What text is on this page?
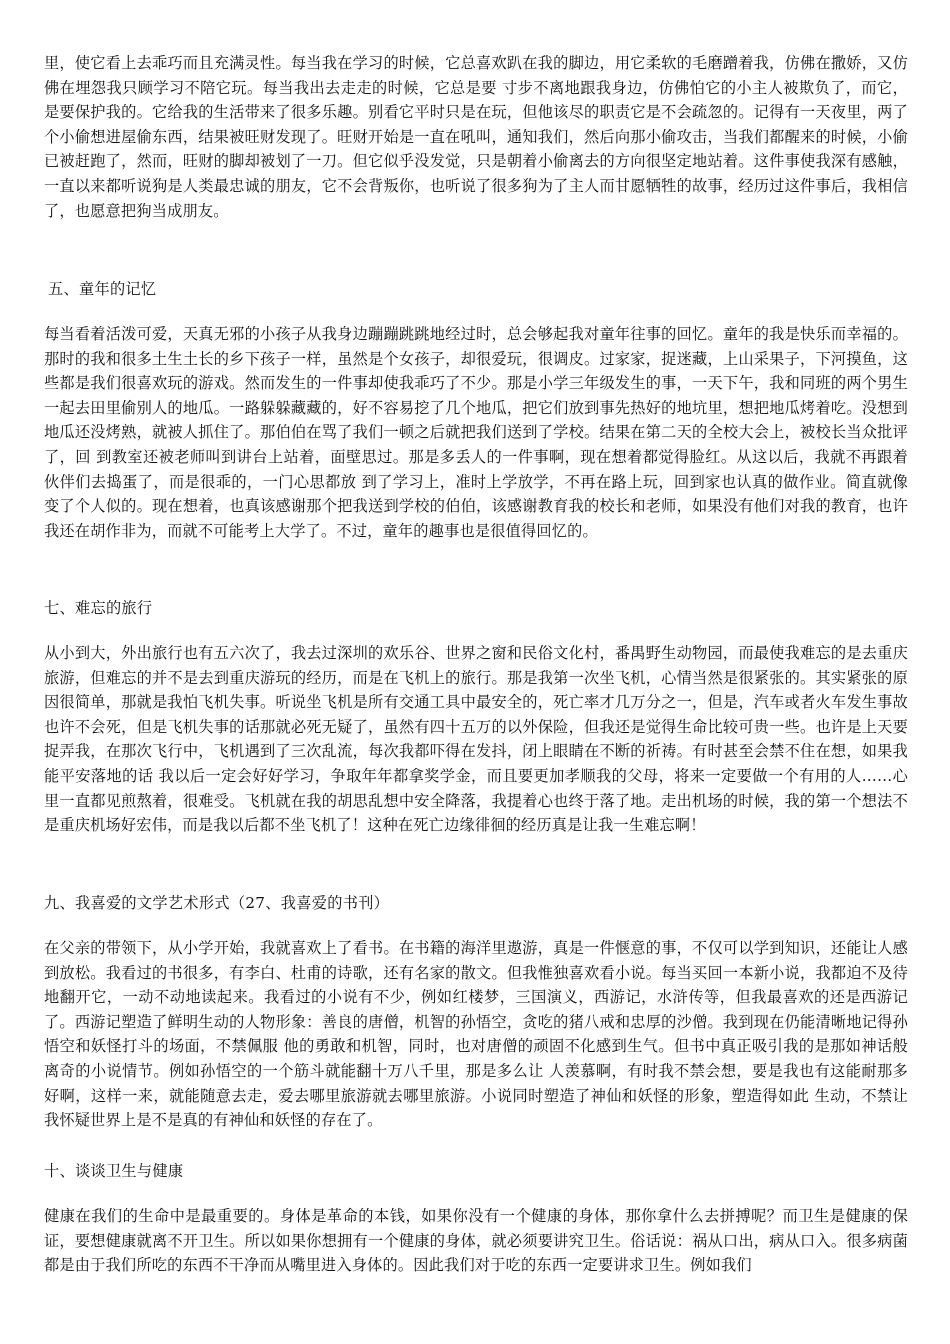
里，使它看上去乖巧而且充满灵性。每当我在学习的时候，它总喜欢趴在我的脚边，用它柔软的毛磨蹭着我，仿佛在撒娇，又仿佛在埋怨我只顾学习不陪它玩。每当我出去走走的时候，它总是要 寸步不离地跟我身边，仿佛怕它的小主人被欺负了，而它，是要保护我的。它给我的生活带来了很多乐趣。别看它平时只是在玩，但他该尽的职责它是不会疏忽的。记得有一天夜里，两了个小偷想进屋偷东西，结果被旺财发现了。旺财开始是一直在吼叫，通知我们，然后向那小偷攻击，当我们都醒来的时候，小偷已被赶跑了，然而，旺财的脚却被划了一刀。但它似乎没发觉，只是朝着小偷离去的方向很坚定地站着。这件事使我深有感触，一直以来都听说狗是人类最忠诚的朋友，它不会背叛你，也听说了很多狗为了主人而甘愿牺牲的故事，经历过这件事后，我相信了，也愿意把狗当成朋友。

五、童年的记忆

每当看着活泼可爱，天真无邪的小孩子从我身边蹦蹦跳跳地经过时，总会够起我对童年往事的回忆。童年的我是快乐而幸福的。那时的我和很多土生土长的乡下孩子一样，虽然是个女孩子，却很爱玩，很调皮。过家家，捉迷藏，上山采果子，下河摸鱼，这些都是我们很喜欢玩的游戏。然而发生的一件事却使我乖巧了不少。那是小学三年级发生的事，一天下午，我和同班的两个男生一起去田里偷别人的地瓜。一路躲躲藏藏的，好不容易挖了几个地瓜，把它们放到事先热好的地坑里，想把地瓜烤着吃。没想到地瓜还没烤熟，就被人抓住了。那伯伯在骂了我们一顿之后就把我们送到了学校。结果在第二天的全校大会上，被校长当众批评了，回 到教室还被老师叫到讲台上站着，面壁思过。那是多丢人的一件事啊，现在想着都觉得脸红。从这以后，我就不再跟着伙伴们去捣蛋了，而是很乖的，一门心思都放 到了学习上，准时上学放学，不再在路上玩，回到家也认真的做作业。简直就像变了个人似的。现在想着，也真该感谢那个把我送到学校的伯伯，该感谢教育我的校长和老师，如果没有他们对我的教育，也许我还在胡作非为，而就不可能考上大学了。不过，童年的趣事也是很值得回忆的。

七、难忘的旅行

从小到大，外出旅行也有五六次了，我去过深圳的欢乐谷、世界之窗和民俗文化村，番禺野生动物园，而最使我难忘的是去重庆旅游，但难忘的并不是去到重庆游玩的经历，而是在飞机上的旅行。那是我第一次坐飞机，心情当然是很紧张的。其实紧张的原因很简单，那就是我怕飞机失事。听说坐飞机是所有交通工具中最安全的，死亡率才几万分之一，但是，汽车或者火车发生事故也许不会死，但是飞机失事的话那就必死无疑了，虽然有四十五万的以外保险，但我还是觉得生命比较可贵一些。也许是上天要捉弄我，在那次飞行中，飞机遇到了三次乱流，每次我都吓得在发抖，闭上眼睛在不断的祈祷。有时甚至会禁不住在想，如果我能平安落地的话 我以后一定会好好学习，争取年年都拿奖学金，而且要更加孝顺我的父母，将来一定要做一个有用的人……心里一直都见煎熬着，很难受。飞机就在我的胡思乱想中安全降落，我提着心也终于落了地。走出机场的时候，我的第一个想法不是重庆机场好宏伟，而是我以后都不坐飞机了！这种在死亡边缘徘徊的经历真是让我一生难忘啊！

九、我喜爱的文学艺术形式（27、我喜爱的书刊）

在父亲的带领下，从小学开始，我就喜欢上了看书。在书籍的海洋里遨游，真是一件惬意的事，不仅可以学到知识，还能让人感到放松。我看过的书很多，有李白、杜甫的诗歌，还有名家的散文。但我惟独喜欢看小说。每当买回一本新小说，我都迫不及待地翻开它，一动不动地读起来。我看过的小说有不少，例如红楼梦，三国演义，西游记，水浒传等，但我最喜欢的还是西游记了。西游记塑造了鲜明生动的人物形象：善良的唐僧，机智的孙悟空，贪吃的猪八戒和忠厚的沙僧。我到现在仍能清晰地记得孙悟空和妖怪打斗的场面，不禁佩服 他的勇敢和机智，同时，也对唐僧的顽固不化感到生气。但书中真正吸引我的是那如神话般离奇的小说情节。例如孙悟空的一个筋斗就能翻十万八千里，那是多么让 人羡慕啊，有时我不禁会想，要是我也有这能耐那多好啊，这样一来，就能随意去走，爱去哪里旅游就去哪里旅游。小说同时塑造了神仙和妖怪的形象，塑造得如此 生动，不禁让我怀疑世界上是不是真的有神仙和妖怪的存在了。

十、谈谈卫生与健康

健康在我们的生命中是最重要的。身体是革命的本钱，如果你没有一个健康的身体，那你拿什么去拼搏呢？而卫生是健康的保证，要想健康就离不开卫生。所以如果你想拥有一个健康的身体，就必须要讲究卫生。俗话说：祸从口出，病从口入。很多病菌都是由于我们所吃的东西不干净而从嘴里进入身体的。因此我们对于吃的东西一定要讲求卫生。例如我们
